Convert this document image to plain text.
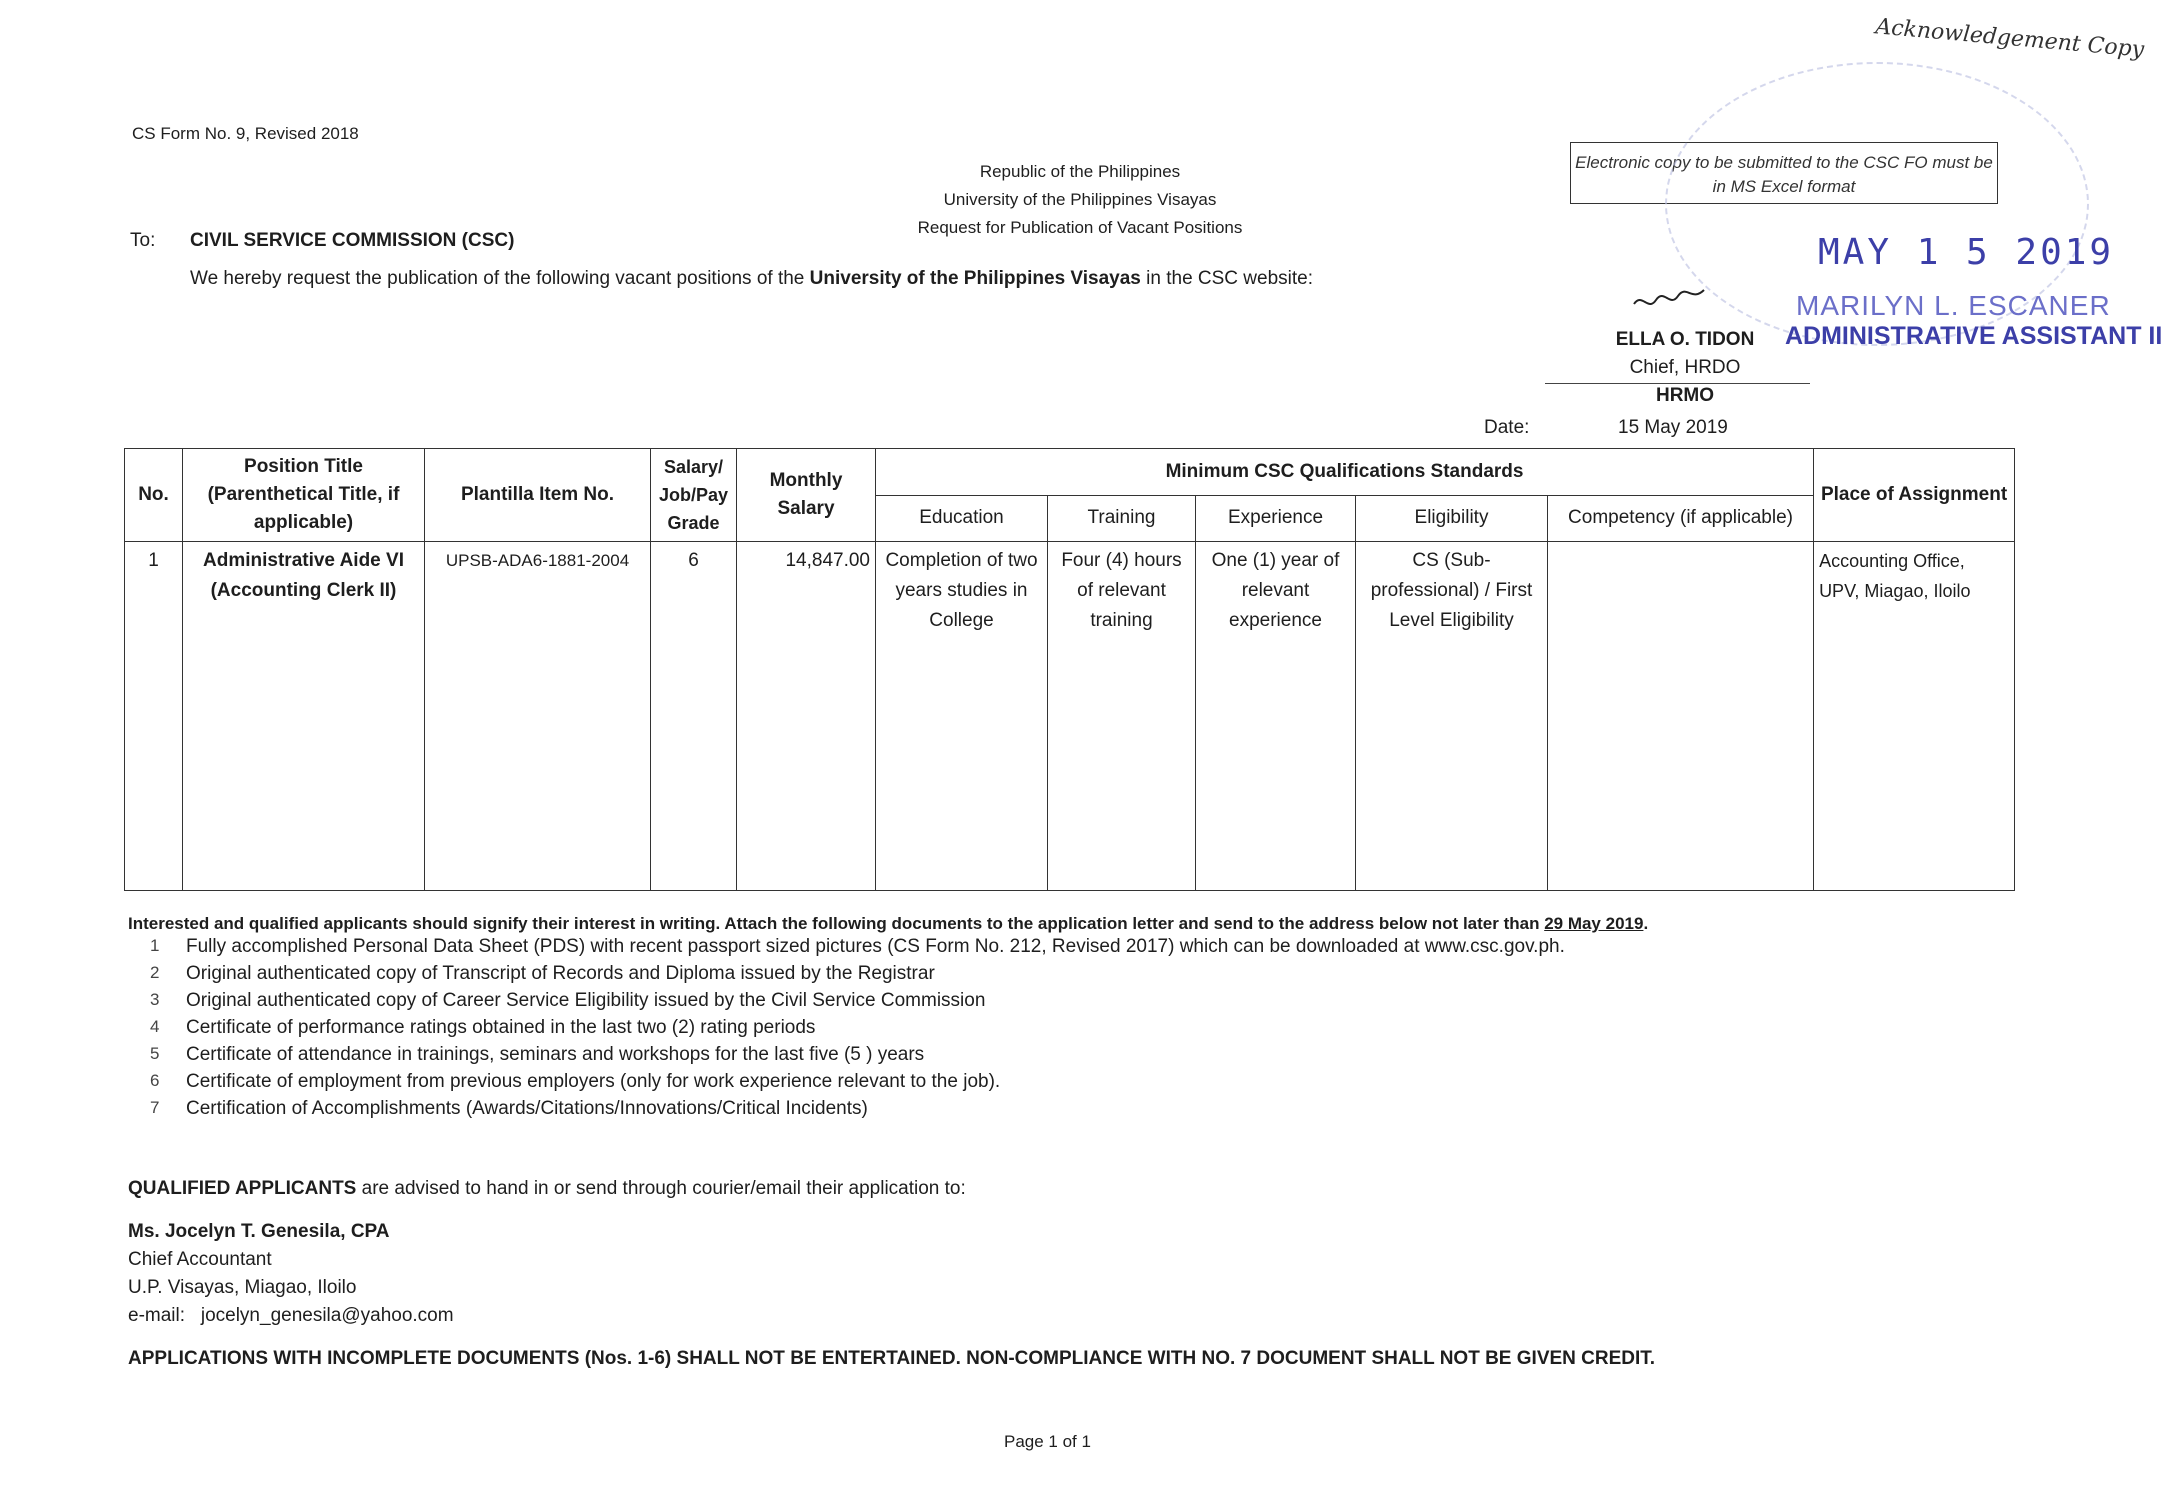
CS Form No. 9, Revised 2018
Republic of the Philippines
University of the Philippines Visayas
Request for Publication of Vacant Positions
Electronic copy to be submitted to the CSC FO must be in MS Excel format
To: CIVIL SERVICE COMMISSION (CSC)
We hereby request the publication of the following vacant positions of the University of the Philippines Visayas in the CSC website:
Acknowledgement Copy
MAY 1 5 2019
MARILYN L. ESCANER
ADMINISTRATIVE ASSISTANT II
ELLA O. TIDON
Chief, HRDO
HRMO
Date:	15 May 2019
No.	Position Title (Parenthetical Title, if applicable)	Plantilla Item No.	Salary/ Job/Pay Grade	Monthly Salary	Minimum CSC Qualifications Standards					Place of Assignment
					Education	Training	Experience	Eligibility	Competency (if applicable)	
1	Administrative Aide VI (Accounting Clerk II)	UPSB-ADA6-1881-2004	6	14,847.00	Completion of two years studies in College	Four (4) hours of relevant training	One (1) year of relevant experience	CS (Sub-professional) / First Level Eligibility		Accounting Office, UPV, Miagao, Iloilo
Interested and qualified applicants should signify their interest in writing. Attach the following documents to the application letter and send to the address below not later than 29 May 2019.
1 Fully accomplished Personal Data Sheet (PDS) with recent passport sized pictures (CS Form No. 212, Revised 2017) which can be downloaded at www.csc.gov.ph.
2 Original authenticated copy of Transcript of Records and Diploma issued by the Registrar
3 Original authenticated copy of Career Service Eligibility issued by the Civil Service Commission
4 Certificate of performance ratings obtained in the last two (2) rating periods
5 Certificate of attendance in trainings, seminars and workshops for the last five (5 ) years
6 Certificate of employment from previous employers (only for work experience relevant to the job).
7 Certification of Accomplishments (Awards/Citations/Innovations/Critical Incidents)
QUALIFIED APPLICANTS are advised to hand in or send through courier/email their application to:
Ms. Jocelyn T. Genesila, CPA
Chief Accountant
U.P. Visayas, Miagao, Iloilo
e-mail: jocelyn_genesila@yahoo.com
APPLICATIONS WITH INCOMPLETE DOCUMENTS (Nos. 1-6) SHALL NOT BE ENTERTAINED. NON-COMPLIANCE WITH NO. 7 DOCUMENT SHALL NOT BE GIVEN CREDIT.
Page 1 of 1
